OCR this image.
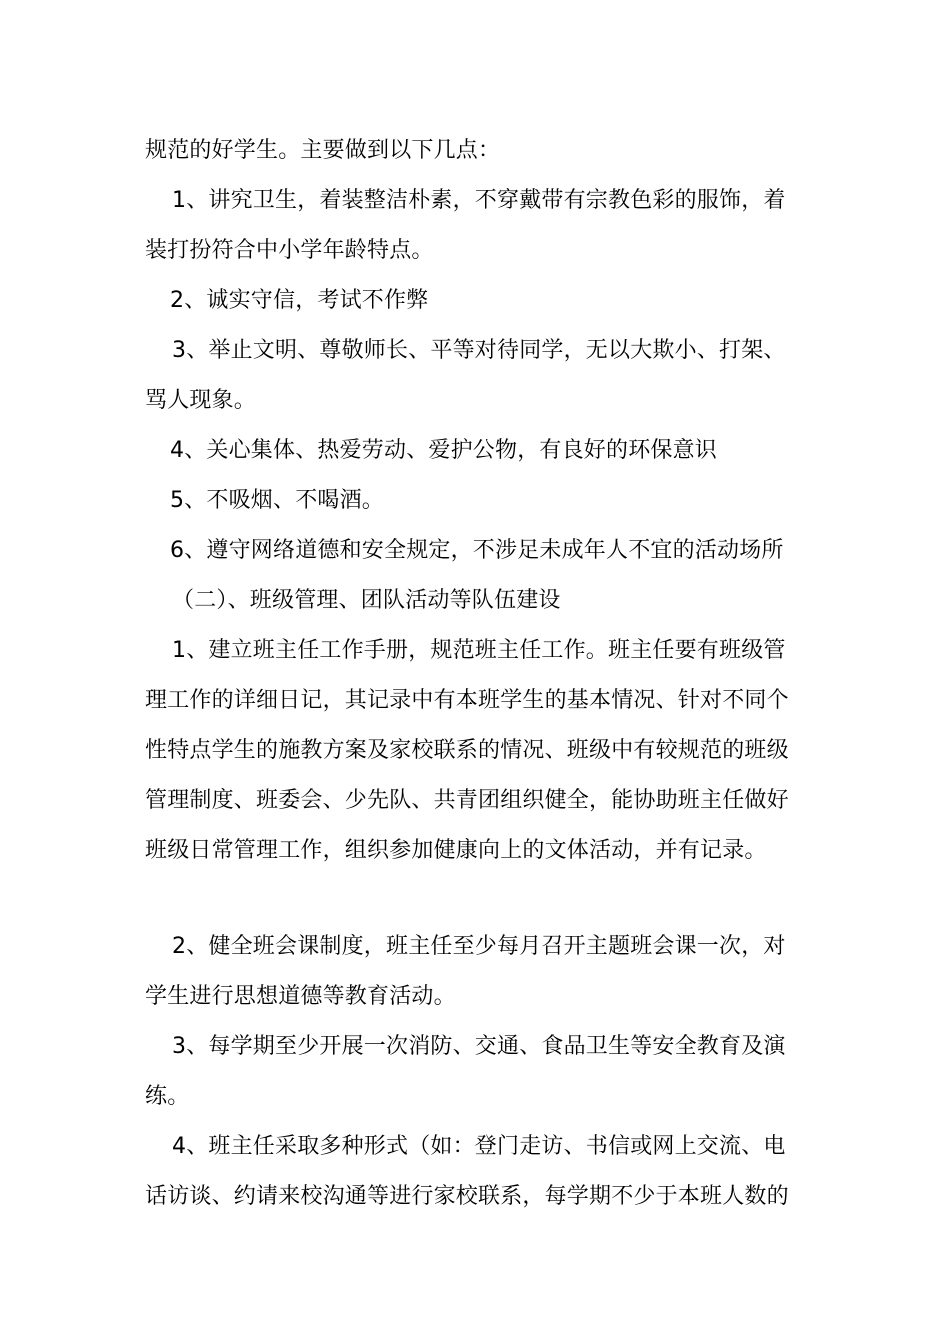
规范的好学生。主要做到以下几点：
1、讲究卫生，着装整洁朴素，不穿戴带有宗教色彩的服饰，着
装打扮符合中小学年龄特点。
2、诚实守信，考试不作弊
3、举止文明、尊敬师长、平等对待同学，无以大欺小、打架、
骂人现象。
4、关心集体、热爱劳动、爱护公物，有良好的环保意识
5、不吸烟、不喝酒。
6、遵守网络道德和安全规定，不涉足未成年人不宜的活动场所
（二）、班级管理、团队活动等队伍建设
1、建立班主任工作手册，规范班主任工作。班主任要有班级管
理工作的详细日记，其记录中有本班学生的基本情况、针对不同个
性特点学生的施教方案及家校联系的情况、班级中有较规范的班级
管理制度、班委会、少先队、共青团组织健全，能协助班主任做好
班级日常管理工作，组织参加健康向上的文体活动，并有记录。
2、健全班会课制度，班主任至少每月召开主题班会课一次，对
学生进行思想道德等教育活动。
3、每学期至少开展一次消防、交通、食品卫生等安全教育及演
练。
4、班主任采取多种形式（如：登门走访、书信或网上交流、电
话访谈、约请来校沟通等进行家校联系，每学期不少于本班人数的
